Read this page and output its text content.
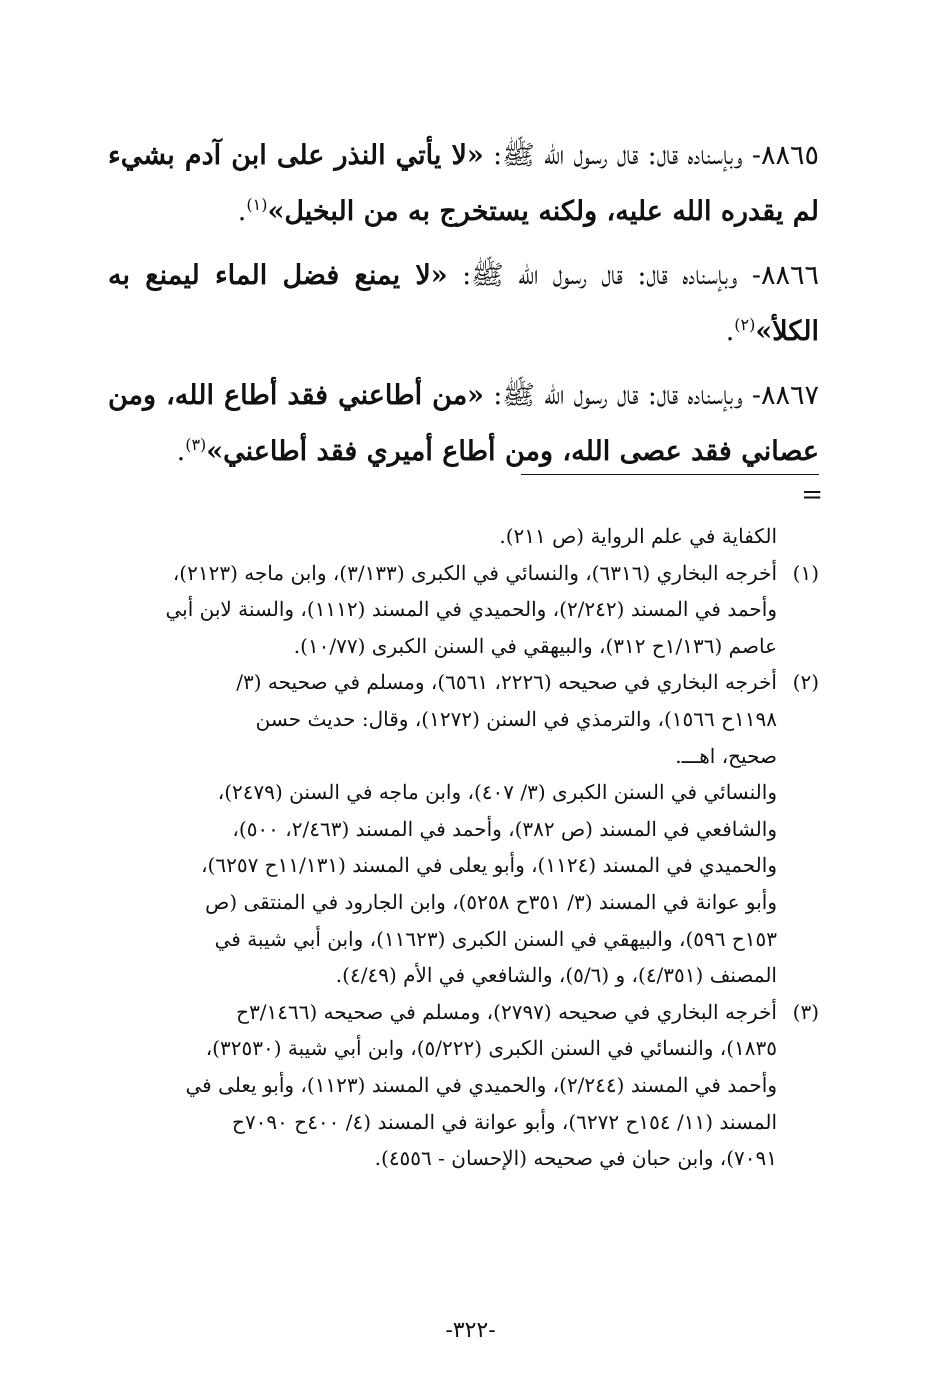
٨٨٦٥- وبإسناده قال: قال رسول الله ﷺ: «لا يأتي النذر على ابن آدم بشيء لم يقدره الله عليه، ولكنه يستخرج به من البخيل»$^{(١)}$.

٨٨٦٦- وبإسناده قال: قال رسول الله ﷺ: «لا يمنع فضل الماء ليمنع به الكلأ»$^{(٢)}$.

٨٨٦٧- وبإسناده قال: قال رسول الله ﷺ: «من أطاعني فقد أطاع الله، ومن عصاني فقد عصى الله، ومن أطاع أميري فقد أطاعني»$^{(٣)}$.

=

الكفاية في علم الرواية (ص ٢١١).

(١)
أخرجه البخاري (٦٣١٦)، والنسائي في الكبرى (٣/١٣٣)، وابن ماجه (٢١٢٣)،
وأحمد في المسند (٢/٢٤٢)، والحميدي في المسند (١١١٢)، والسنة لابن أبي
عاصم (١/١٣٦ح ٣١٢)، والبيهقي في السنن الكبرى (١٠/٧٧).
(٢)
أخرجه البخاري في صحيحه (٢٢٢٦، ٦٥٦١)، ومسلم في صحيحه (٣/
١١٩٨ح ١٥٦٦)، والترمذي في السنن (١٢٧٢)، وقال: حديث حسن
صحيح، اهـــ.

والنسائي في السنن الكبرى (٣/ ٤٠٧)، وابن ماجه في السنن (٢٤٧٩)،

والشافعي في المسند (ص ٣٨٢)، وأحمد في المسند (٢/٤٦٣، ٥٠٠)،

والحميدي في المسند (١١٢٤)، وأبو يعلى في المسند (١١/١٣١ح ٦٢٥٧)،

وأبو عوانة في المسند (٣/ ٣٥١ح ٥٢٥٨)، وابن الجارود في المنتقى (ص

١٥٣ح ٥٩٦)، والبيهقي في السنن الكبرى (١١٦٢٣)، وابن أبي شيبة في

المصنف (٤/٣٥١)، و (٥/٦)، والشافعي في الأم (٤/٤٩).

(٣)
أخرجه البخاري في صحيحه (٢٧٩٧)، ومسلم في صحيحه (٣/١٤٦٦ح
١٨٣٥)، والنسائي في السنن الكبرى (٥/٢٢٢)، وابن أبي شيبة (٣٢٥٣٠)،
وأحمد في المسند (٢/٢٤٤)، والحميدي في المسند (١١٢٣)، وأبو يعلى في
المسند (١١/ ١٥٤ح ٦٢٧٢)، وأبو عوانة في المسند (٤/ ٤٠٠ح ٧٠٩٠ح
٧٠٩١)، وابن حبان في صحيحه (الإحسان - ٤٥٥٦).
-٣٢٢-
